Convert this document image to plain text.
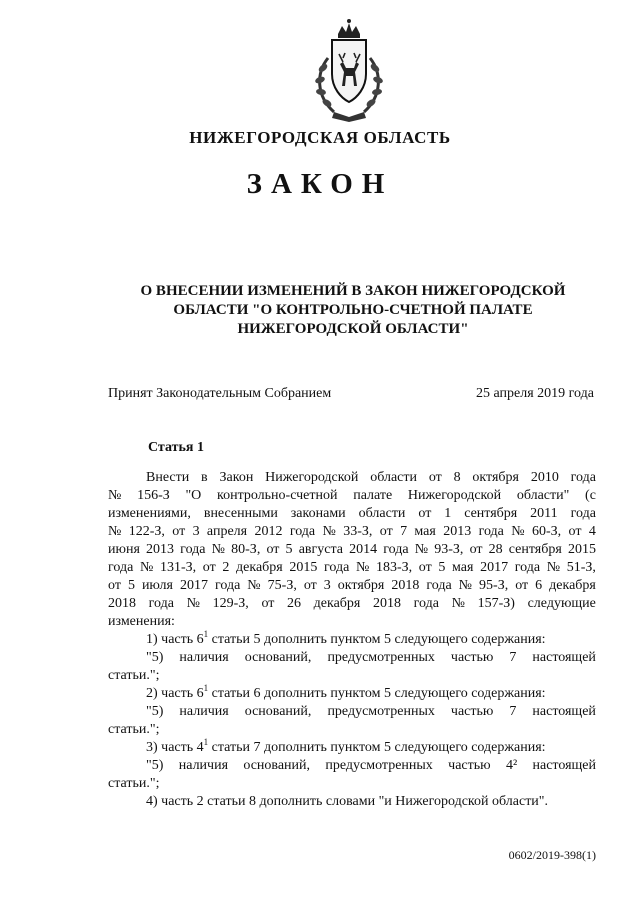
НИЖЕГОРОДСКАЯ ОБЛАСТЬ
ЗАКОН
О ВНЕСЕНИИ ИЗМЕНЕНИЙ В ЗАКОН НИЖЕГОРОДСКОЙ
ОБЛАСТИ "О КОНТРОЛЬНО-СЧЕТНОЙ ПАЛАТЕ
НИЖЕГОРОДСКОЙ ОБЛАСТИ"
Принят Законодательным Собранием	25 апреля 2019 года
Статья 1
Внести в Закон Нижегородской области от 8 октября 2010 года
№ 156-З "О контрольно-счетной палате Нижегородской области" (с
изменениями, внесенными законами области от 1 сентября 2011 года
№ 122-З, от 3 апреля 2012 года № 33-З, от 7 мая 2013 года № 60-З, от 4
июня 2013 года № 80-З, от 5 августа 2014 года № 93-З, от 28 сентября 2015
года № 131-З, от 2 декабря 2015 года № 183-З, от 5 мая 2017 года № 51-З,
от 5 июля 2017 года № 75-З, от 3 октября 2018 года № 95-З, от 6 декабря
2018 года № 129-З, от 26 декабря 2018 года № 157-З) следующие
изменения:
1) часть $6^1$ статьи 5 дополнить пунктом 5 следующего содержания:
"5) наличия оснований, предусмотренных частью 7 настоящей
статьи.";
2) часть $6^1$ статьи 6 дополнить пунктом 5 следующего содержания:
"5) наличия оснований, предусмотренных частью 7 настоящей
статьи.";
3) часть $4^1$ статьи 7 дополнить пунктом 5 следующего содержания:
"5) наличия оснований, предусмотренных частью 4² настоящей
статьи.";
4) часть 2 статьи 8 дополнить словами "и Нижегородской области".
0602/2019-398(1)
